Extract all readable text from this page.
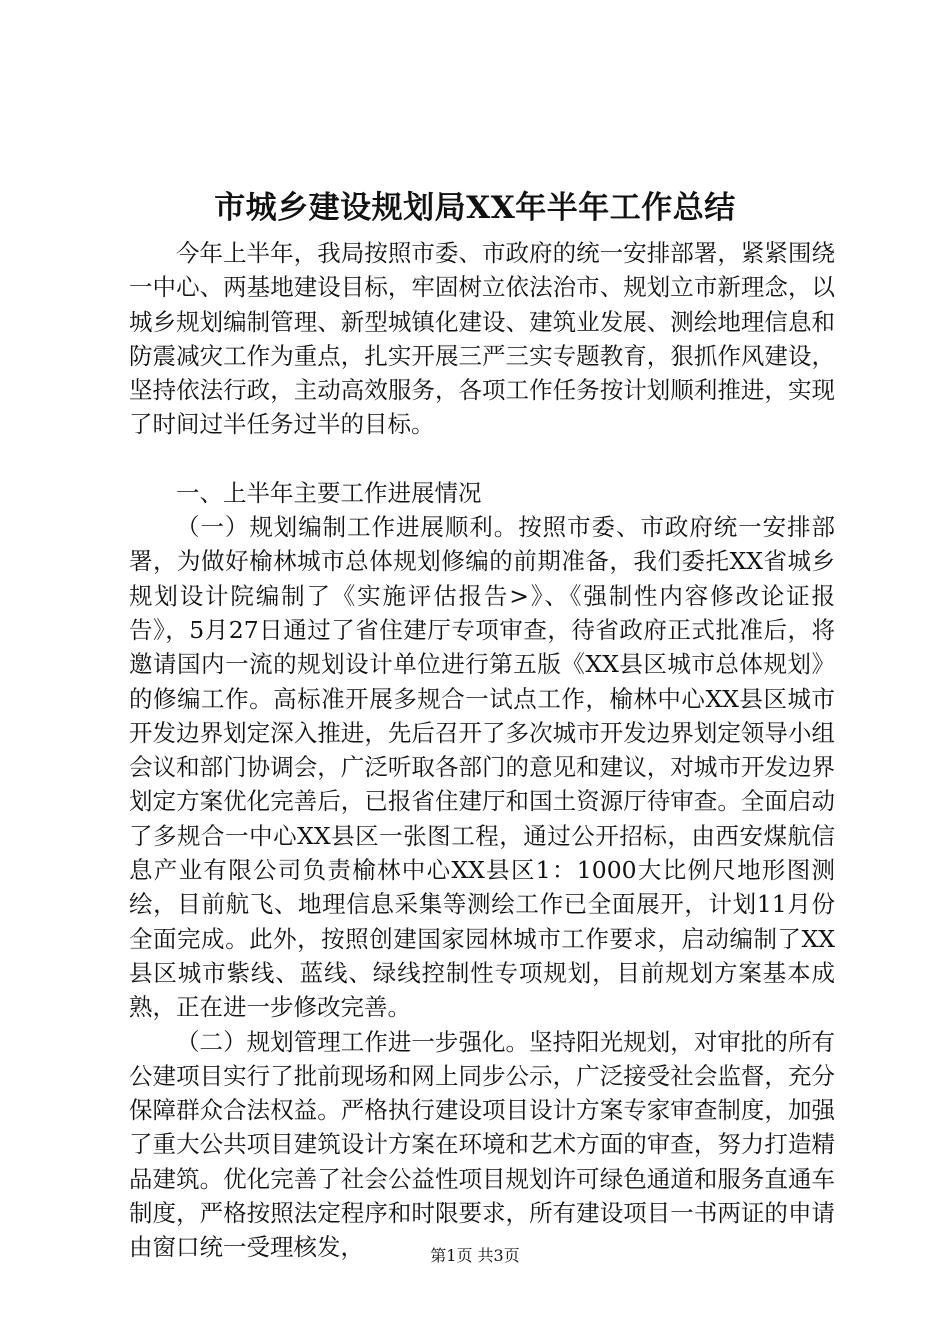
市城乡建设规划局XX年半年工作总结

今年上半年，我局按照市委、市政府的统一安排部署，紧紧围绕一中心、两基地建设目标，牢固树立依法治市、规划立市新理念，以城乡规划编制管理、新型城镇化建设、建筑业发展、测绘地理信息和防震减灾工作为重点，扎实开展三严三实专题教育，狠抓作风建设，坚持依法行政，主动高效服务，各项工作任务按计划顺利推进，实现了时间过半任务过半的目标。

一、上半年主要工作进展情况

（一）规划编制工作进展顺利。按照市委、市政府统一安排部署，为做好榆林城市总体规划修编的前期准备，我们委托XX省城乡规划设计院编制了《实施评估报告>》、《强制性内容修改论证报告》，5月27日通过了省住建厅专项审查，待省政府正式批准后，将邀请国内一流的规划设计单位进行第五版《XX县区城市总体规划》的修编工作。高标准开展多规合一试点工作，榆林中心XX县区城市开发边界划定深入推进，先后召开了多次城市开发边界划定领导小组会议和部门协调会，广泛听取各部门的意见和建议，对城市开发边界划定方案优化完善后，已报省住建厅和国土资源厅待审查。全面启动了多规合一中心XX县区一张图工程，通过公开招标，由西安煤航信息产业有限公司负责榆林中心XX县区1：1000大比例尺地形图测绘，目前航飞、地理信息采集等测绘工作已全面展开，计划11月份全面完成。此外，按照创建国家园林城市工作要求，启动编制了XX县区城市紫线、蓝线、绿线控制性专项规划，目前规划方案基本成熟，正在进一步修改完善。

（二）规划管理工作进一步强化。坚持阳光规划，对审批的所有公建项目实行了批前现场和网上同步公示，广泛接受社会监督，充分保障群众合法权益。严格执行建设项目设计方案专家审查制度，加强了重大公共项目建筑设计方案在环境和艺术方面的审查，努力打造精品建筑。优化完善了社会公益性项目规划许可绿色通道和服务直通车制度，严格按照法定程序和时限要求，所有建设项目一书两证的申请由窗口统一受理核发，	第1页 共3页
